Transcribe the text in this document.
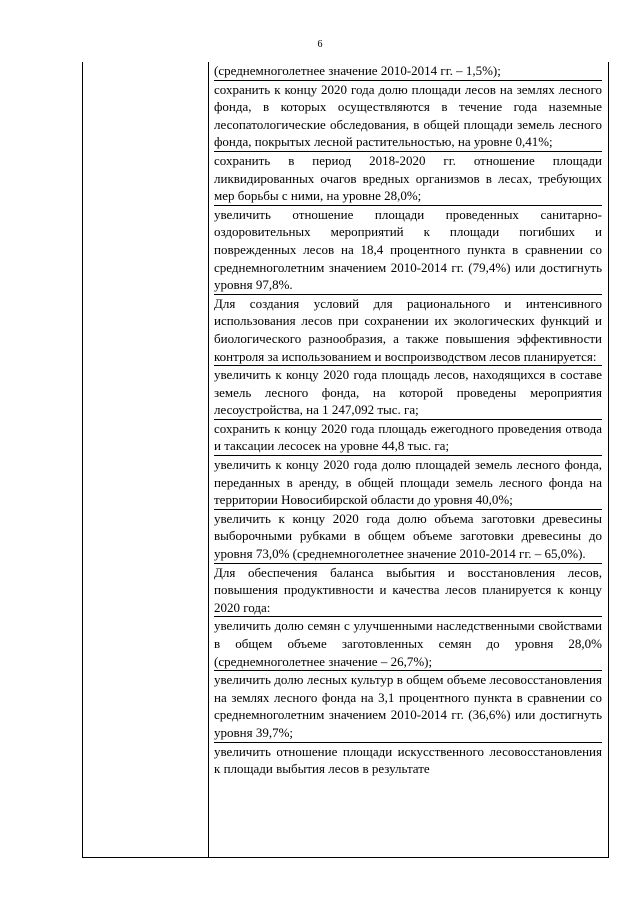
6

(среднемноголетнее значение 2010-2014 гг. – 1,5%);

сохранить к концу 2020 года долю площади лесов на землях лесного фонда, в которых осуществляются в течение года наземные лесопатологические обследования, в общей площади земель лесного фонда, покрытых лесной растительностью, на уровне 0,41%;

сохранить в период 2018-2020 гг. отношение площади ликвидированных очагов вредных организмов в лесах, требующих мер борьбы с ними, на уровне 28,0%;

увеличить отношение площади проведенных санитарно-оздоровительных мероприятий к площади погибших и поврежденных лесов на 18,4 процентного пункта в сравнении со среднемноголетним значением 2010-2014 гг. (79,4%) или достигнуть уровня 97,8%.

Для создания условий для рационального и интенсивного использования лесов при сохранении их экологических функций и биологического разнообразия, а также повышения эффективности контроля за использованием и воспроизводством лесов планируется:

увеличить к концу 2020 года площадь лесов, находящихся в составе земель лесного фонда, на которой проведены мероприятия лесоустройства, на 1 247,092 тыс. га;

сохранить к концу 2020 года площадь ежегодного проведения отвода и таксации лесосек на уровне 44,8 тыс. га;

увеличить к концу 2020 года долю площадей земель лесного фонда, переданных в аренду, в общей площади земель лесного фонда на территории Новосибирской области до уровня 40,0%;

увеличить к концу 2020 года долю объема заготовки древесины выборочными рубками в общем объеме заготовки древесины до уровня 73,0% (среднемноголетнее значение 2010-2014 гг. – 65,0%).

Для обеспечения баланса выбытия и восстановления лесов, повышения продуктивности и качества лесов планируется к концу 2020 года:

увеличить долю семян с улучшенными наследственными свойствами в общем объеме заготовленных семян до уровня 28,0% (среднемноголетнее значение – 26,7%);

увеличить долю лесных культур в общем объеме лесовосстановления на землях лесного фонда на 3,1 процентного пункта в сравнении со среднемноголетним значением 2010-2014 гг. (36,6%) или достигнуть уровня 39,7%;

увеличить отношение площади искусственного лесовосстановления к площади выбытия лесов в результате
